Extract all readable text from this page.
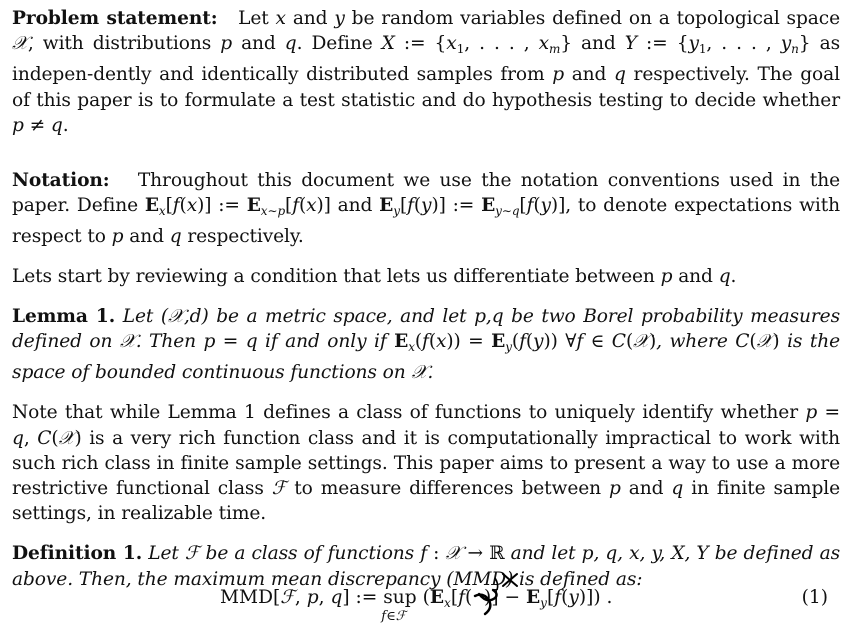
Problem statement:   Let x and y be random variables defined on a topological space 𝒳, with distributions p and q. Define X := {$x_1$, . . . , $x_m$} and Y := {$y_1$, . . . , $y_n$} as indepen-dently and identically distributed samples from p and q respectively. The goal of this paper is to formulate a test statistic and do hypothesis testing to decide whether p ≠ q.

Notation:   Throughout this document we use the notation conventions used in the paper. Define $E_x[f(x)]$ := $E_{x\sim p}[f(x)]$ and $E_y[f(y)]$ := $E_{y\sim q}[f(y)]$, to denote expectations with respect to p and q respectively.

Lets start by reviewing a condition that lets us differentiate between p and q.

Lemma 1. Let (𝒳,d) be a metric space, and let p,q be two Borel probability measures defined on 𝒳. Then p = q if and only if $E_x(f(x)) = E_y(f(y))$ ∀f ∈ C(𝒳), where C(𝒳) is the space of bounded continuous functions on 𝒳.

Note that while Lemma 1 defines a class of functions to uniquely identify whether p = q, C(𝒳) is a very rich function class and it is computationally impractical to work with such rich class in finite sample settings. This paper aims to present a way to use a more restrictive functional class ℱ to measure differences between p and q in finite sample settings, in realizable time.

Definition 1. Let ℱ be a class of functions f : 𝒳 → ℝ and let p, q, x, y, X, Y be defined as above. Then, the maximum mean discrepancy (MMD) is defined as:

MMD[ℱ, p, q] := sup
f∈ℱ
($E_x[f$(  )] − $E_y[f(y)]$) .	(1)
